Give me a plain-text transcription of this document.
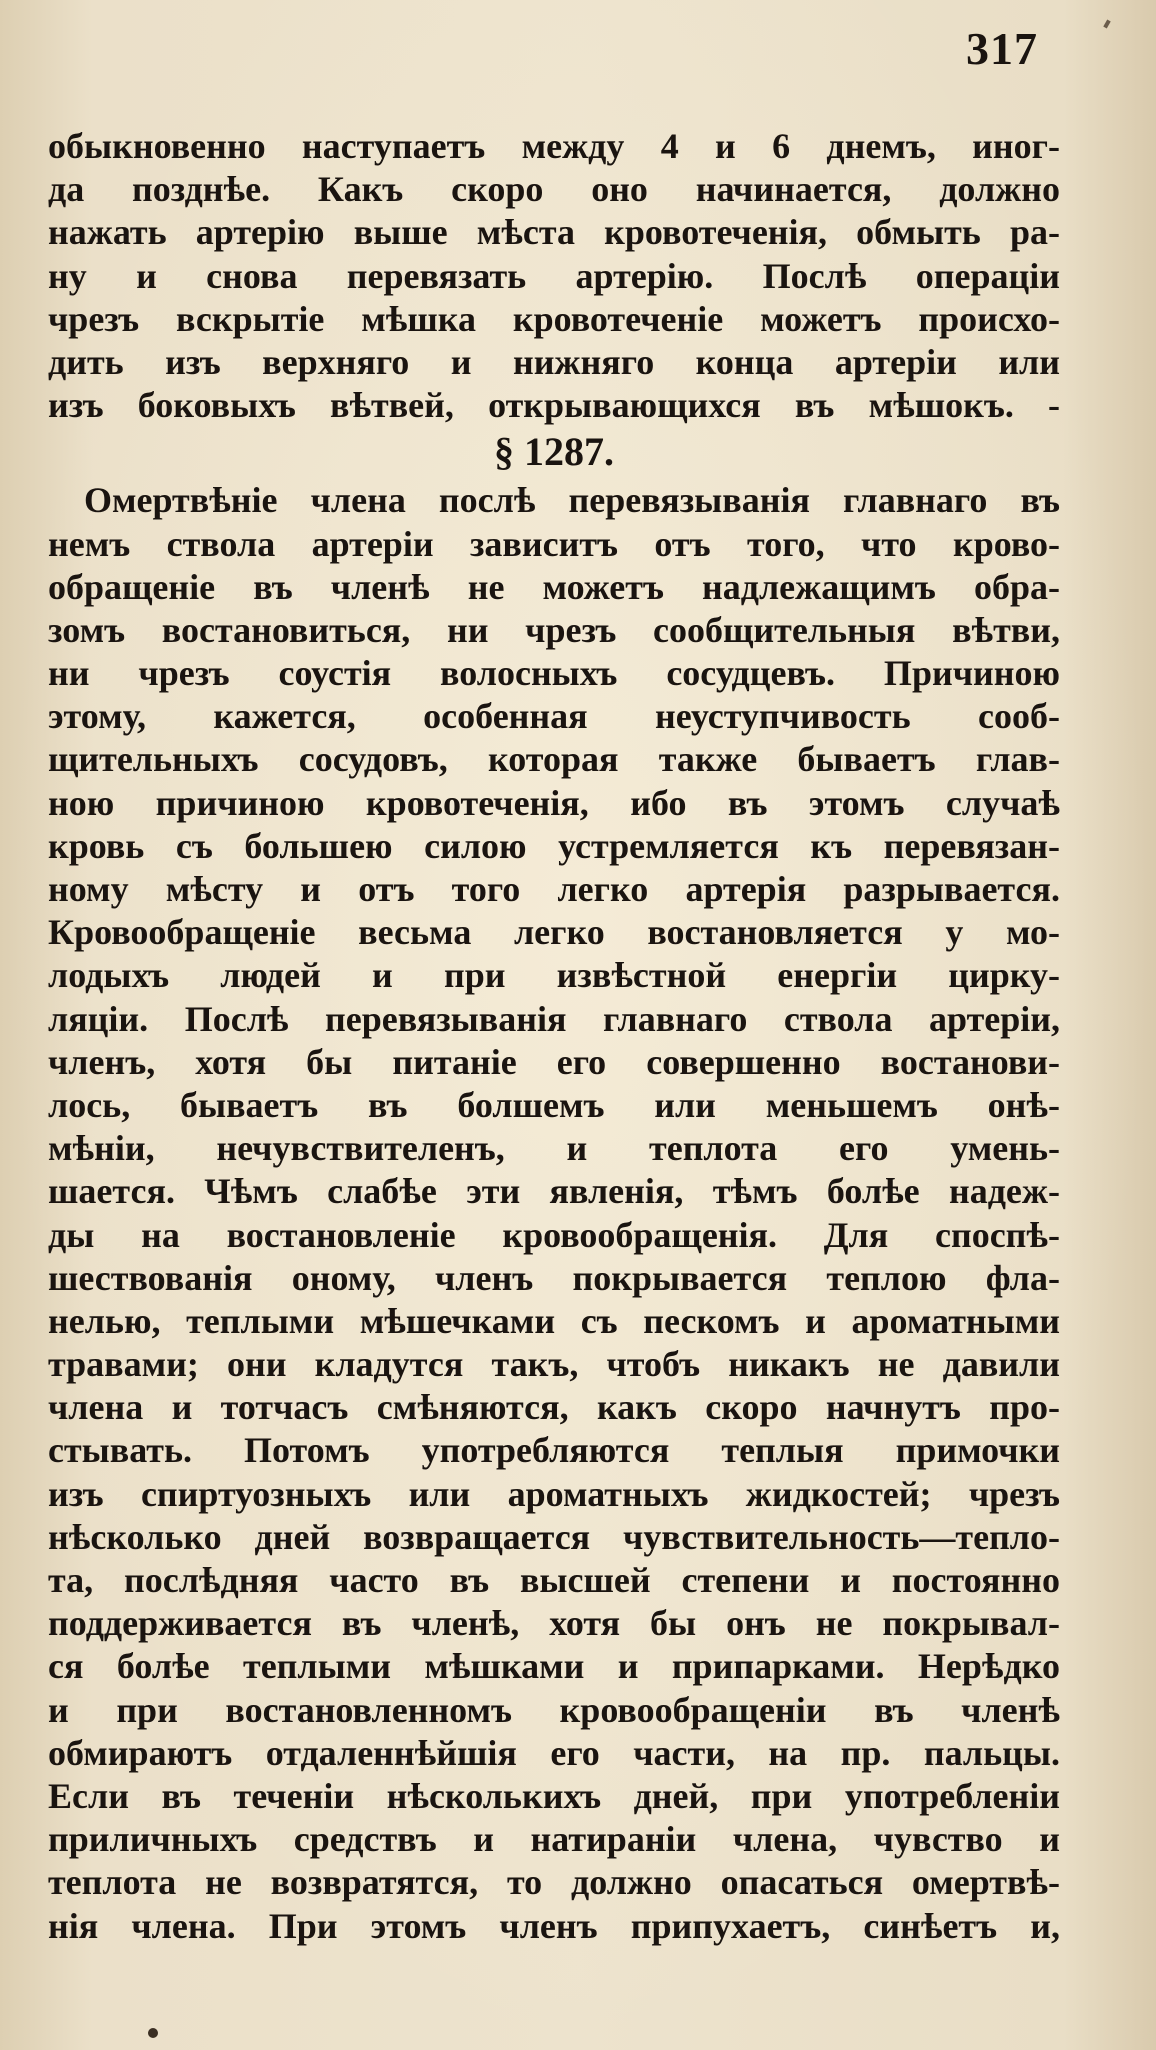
317
обыкновенно наступаетъ между 4 и 6 днемъ, иног-
да позднѣе. Какъ скоро оно начинается, должно
нажать артерію выше мѣста кровотеченія, обмыть ра-
ну и снова перевязать артерію. Послѣ операціи
чрезъ вскрытіе мѣшка кровотеченіе можетъ происхо-
дить изъ верхняго и нижняго конца артеріи или
изъ боковыхъ вѣтвей, открывающихся въ мѣшокъ. -
§ 1287.
Омертвѣніе члена послѣ перевязыванія главнаго въ
немъ ствола артеріи зависитъ отъ того, что крово-
обращеніе въ членѣ не можетъ надлежащимъ обра-
зомъ востановиться, ни чрезъ сообщительныя вѣтви,
ни чрезъ соустія волосныхъ сосудцевъ. Причиною
этому, кажется, особенная неуступчивость сооб-
щительныхъ сосудовъ, которая также бываетъ глав-
ною причиною кровотеченія, ибо въ этомъ случаѣ
кровь съ большею силою устремляется къ перевязан-
ному мѣсту и отъ того легко артерія разрывается.
Кровообращеніе весьма легко востановляется у мо-
лодыхъ людей и при извѣстной енергіи цирку-
ляціи. Послѣ перевязыванія главнаго ствола артеріи,
членъ, хотя бы питаніе его совершенно востанови-
лось, бываетъ въ болшемъ или меньшемъ онѣ-
мѣніи, нечувствителенъ, и теплота его умень-
шается. Чѣмъ слабѣе эти явленія, тѣмъ болѣе надеж-
ды на востановленіе кровообращенія. Для споспѣ-
шествованія оному, членъ покрывается теплою фла-
нелью, теплыми мѣшечками съ пескомъ и ароматными
травами; они кладутся такъ, чтобъ никакъ не давили
члена и тотчасъ смѣняются, какъ скоро начнутъ про-
стывать. Потомъ употребляются теплыя примочки
изъ спиртуозныхъ или ароматныхъ жидкостей; чрезъ
нѣсколько дней возвращается чувствительность—тепло-
та, послѣдняя часто въ высшей степени и постоянно
поддерживается въ членѣ, хотя бы онъ не покрывал-
ся болѣе теплыми мѣшками и припарками. Нерѣдко
и при востановленномъ кровообращеніи въ членѣ
обмираютъ отдаленнѣйшія его части, на пр. пальцы.
Если въ теченіи нѣсколькихъ дней, при употребленіи
приличныхъ средствъ и натираніи члена, чувство и
теплота не возвратятся, то должно опасаться омертвѣ-
нія члена. При этомъ членъ припухаетъ, синѣетъ и,
